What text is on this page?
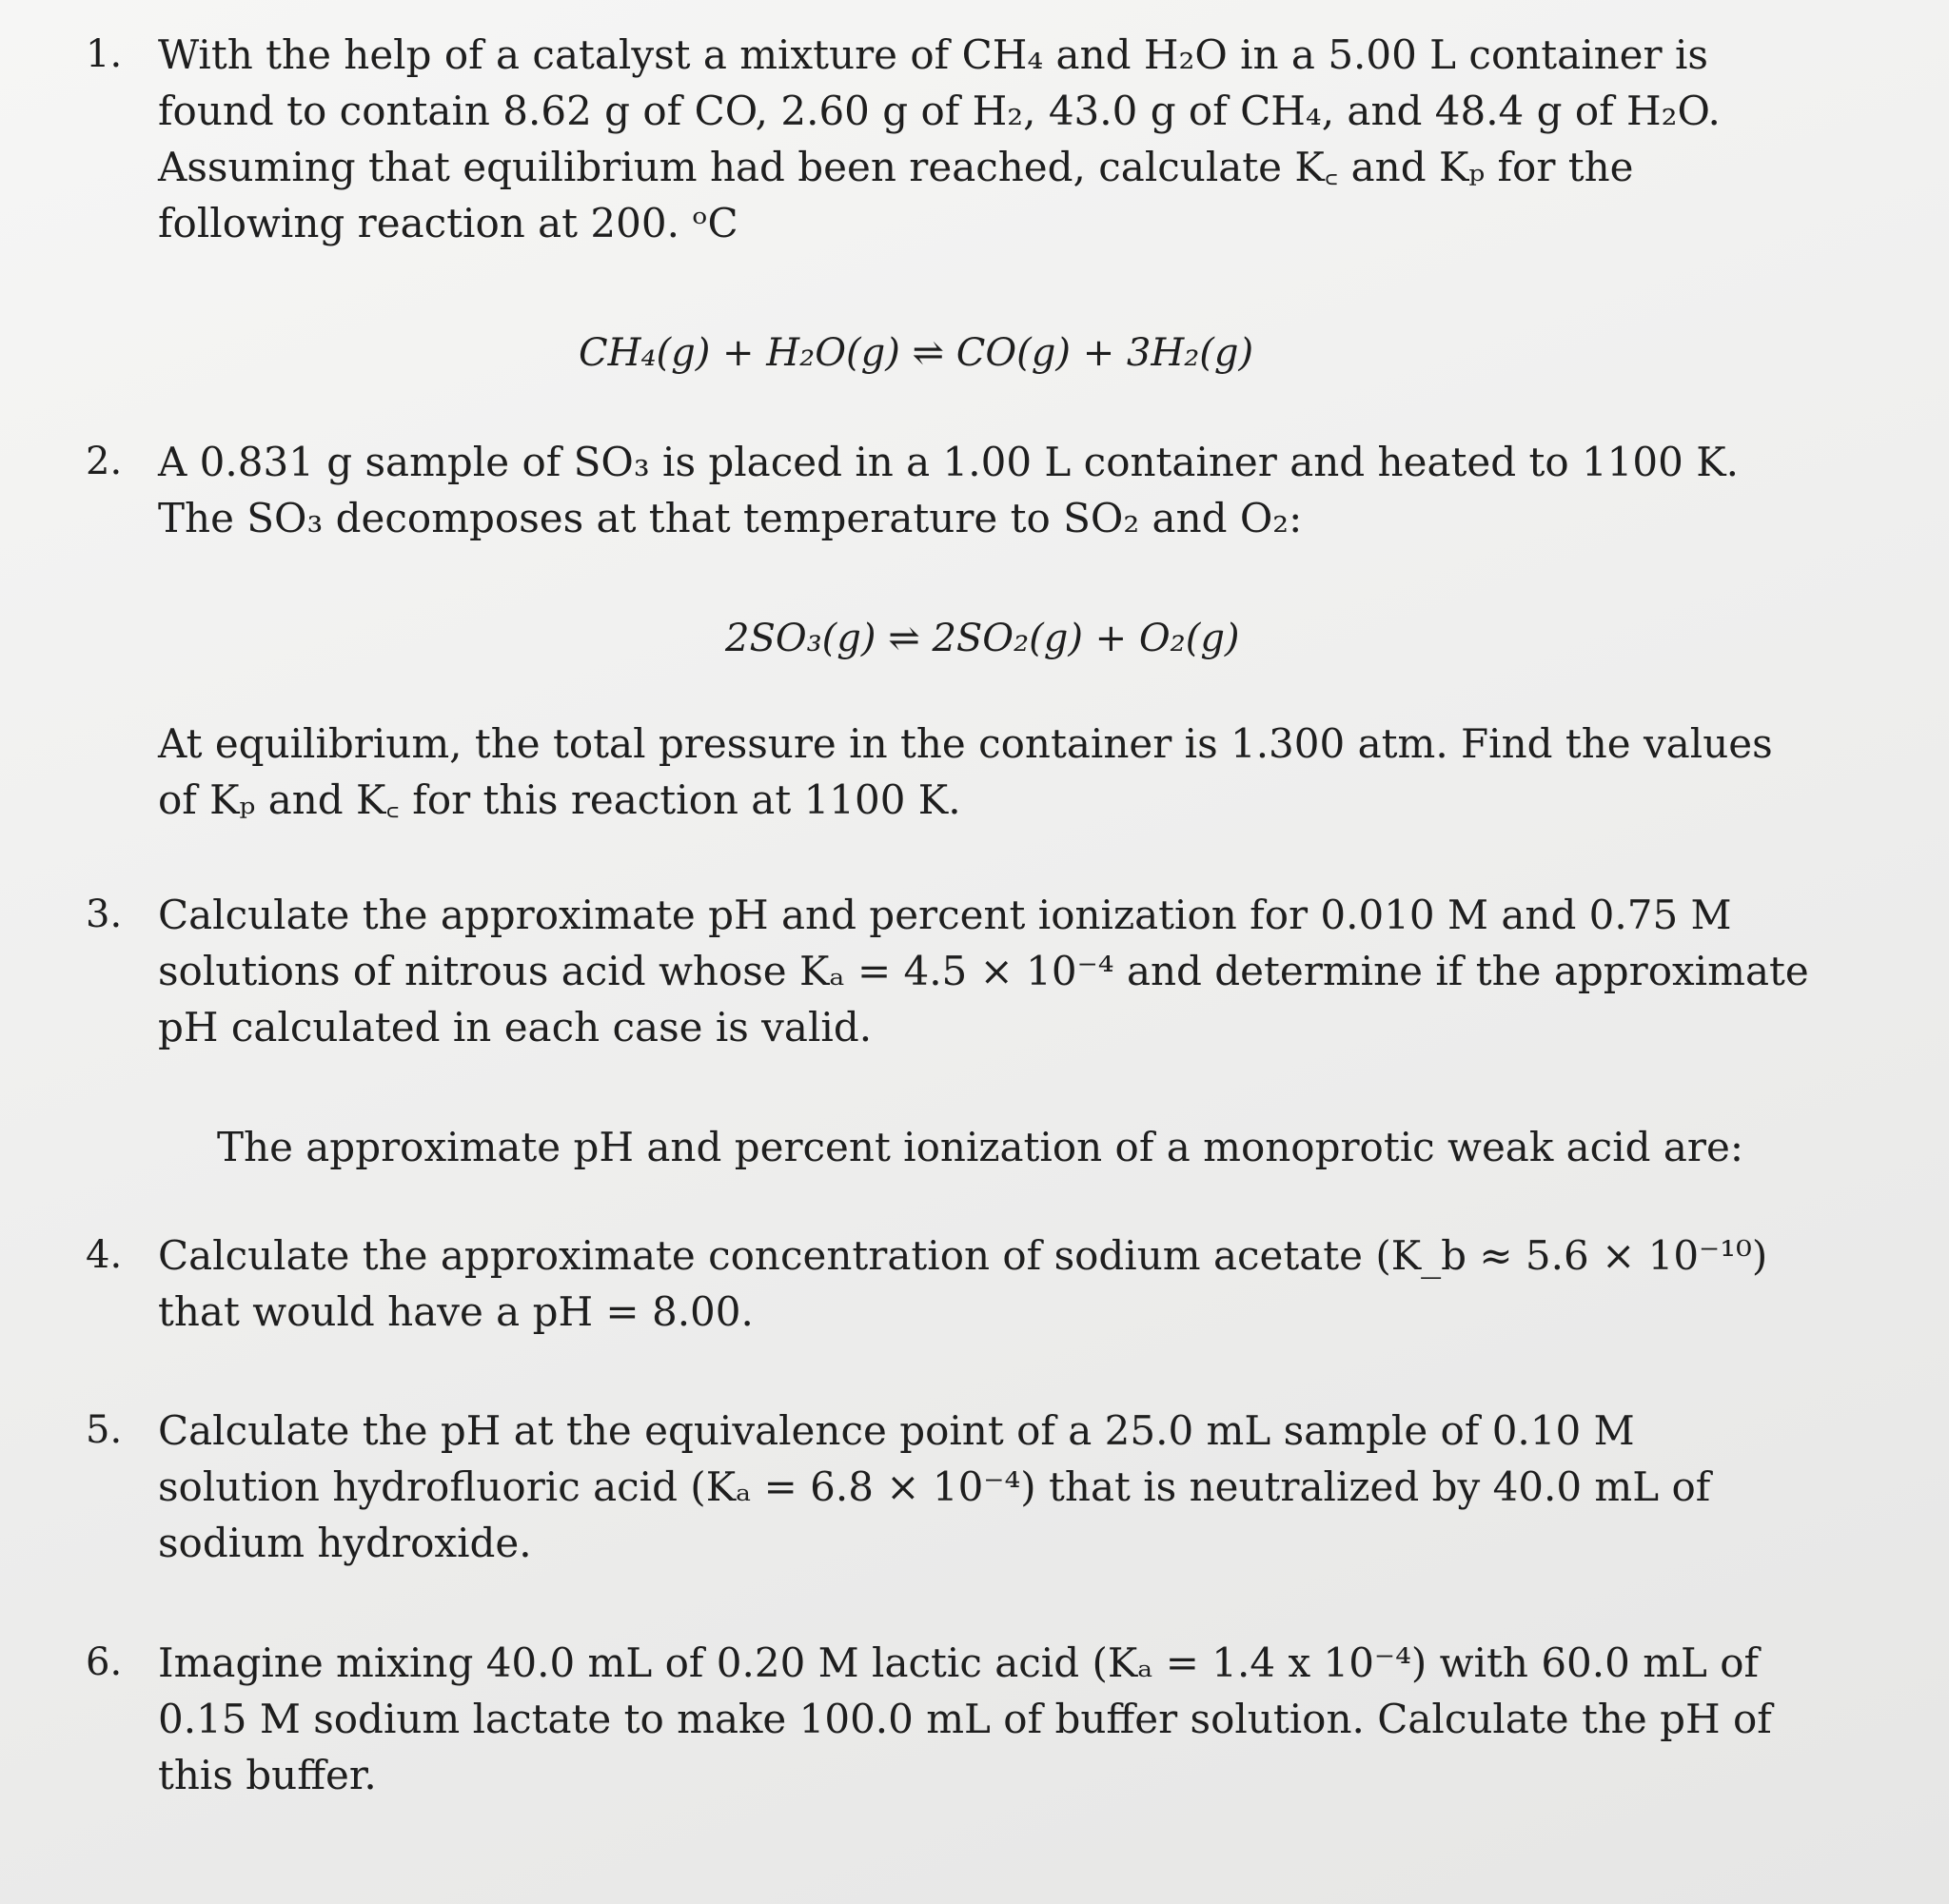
1. With the help of a catalyst a mixture of CH₄ and H₂O in a 5.00 L container is

found to contain 8.62 g of CO, 2.60 g of H₂, 43.0 g of CH₄, and 48.4 g of H₂O.

Assuming that equilibrium had been reached, calculate K꜀ and Kₚ for the

following reaction at 200. ᵒC

CH₄(g) + H₂O(g) ⇌ CO(g) + 3H₂(g)
2. A 0.831 g sample of SO₃ is placed in a 1.00 L container and heated to 1100 K.

The SO₃ decomposes at that temperature to SO₂ and O₂:

2SO₃(g) ⇌ 2SO₂(g) + O₂(g)

At equilibrium, the total pressure in the container is 1.300 atm. Find the values

of Kₚ and K꜀ for this reaction at 1100 K.

3. Calculate the approximate pH and percent ionization for 0.010 M and 0.75 M

solutions of nitrous acid whose Kₐ = 4.5 × 10⁻⁴ and determine if the approximate

pH calculated in each case is valid.

The approximate pH and percent ionization of a monoprotic weak acid are:
4. Calculate the approximate concentration of sodium acetate (K_b ≈ 5.6 × 10⁻¹⁰)

that would have a pH = 8.00.

5. Calculate the pH at the equivalence point of a 25.0 mL sample of 0.10 M

solution hydrofluoric acid (Kₐ = 6.8 × 10⁻⁴) that is neutralized by 40.0 mL of

sodium hydroxide.

6. Imagine mixing 40.0 mL of 0.20 M lactic acid (Kₐ = 1.4 x 10⁻⁴) with 60.0 mL of

0.15 M sodium lactate to make 100.0 mL of buffer solution. Calculate the pH of

this buffer.
